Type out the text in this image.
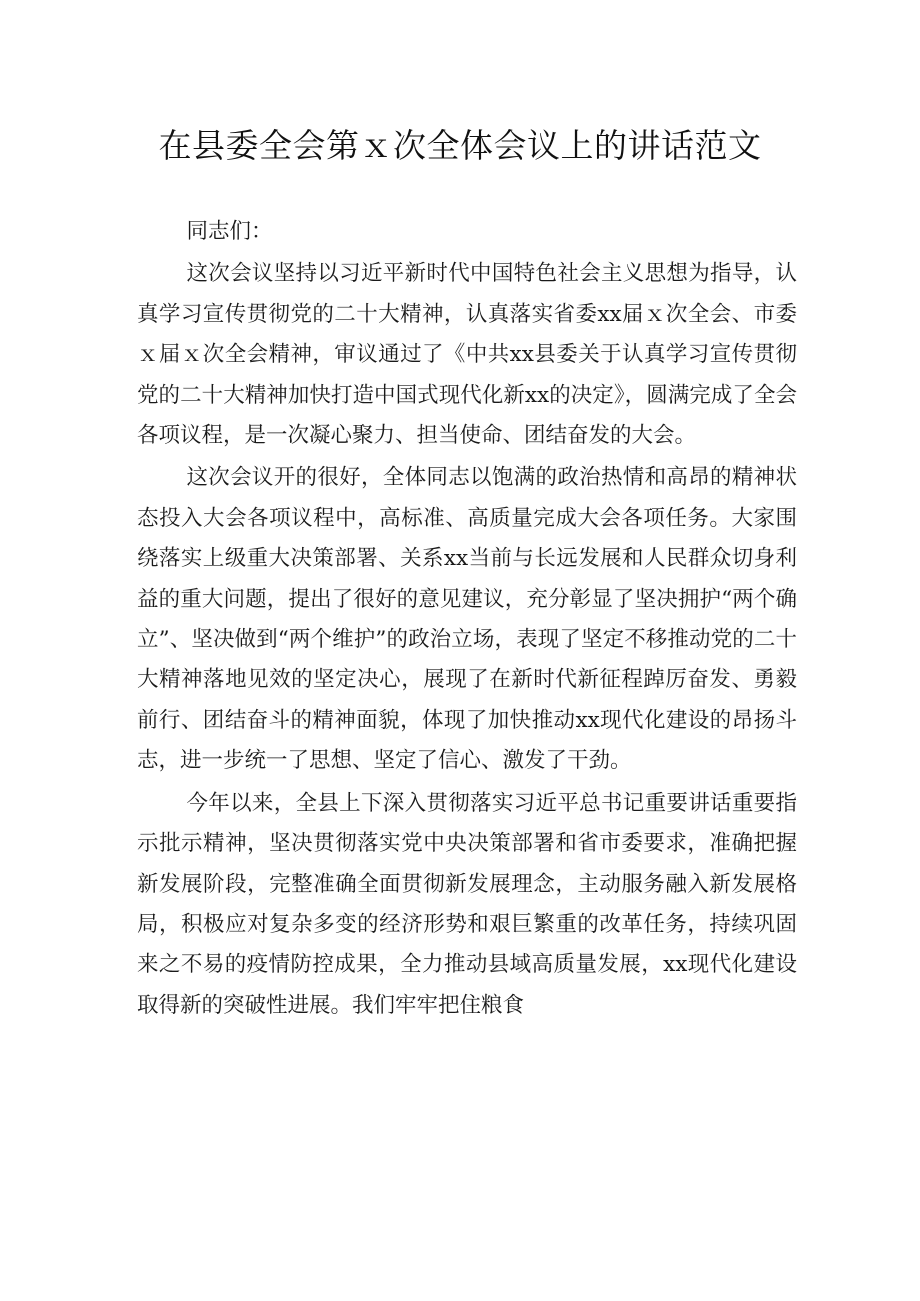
在县委全会第ｘ次全体会议上的讲话范文

同志们：

这次会议坚持以习近平新时代中国特色社会主义思想为指导，认真学习宣传贯彻党的二十大精神，认真落实省委xx届ｘ次全会、市委ｘ届ｘ次全会精神，审议通过了《中共xx县委关于认真学习宣传贯彻党的二十大精神加快打造中国式现代化新xx的决定》，圆满完成了全会各项议程，是一次凝心聚力、担当使命、团结奋发的大会。

这次会议开的很好，全体同志以饱满的政治热情和高昂的精神状态投入大会各项议程中，高标准、高质量完成大会各项任务。大家围绕落实上级重大决策部署、关系xx当前与长远发展和人民群众切身利益的重大问题，提出了很好的意见建议，充分彰显了坚决拥护“两个确立”、坚决做到“两个维护”的政治立场，表现了坚定不移推动党的二十大精神落地见效的坚定决心，展现了在新时代新征程踔厉奋发、勇毅前行、团结奋斗的精神面貌，体现了加快推动xx现代化建设的昂扬斗志，进一步统一了思想、坚定了信心、激发了干劲。

今年以来，全县上下深入贯彻落实习近平总书记重要讲话重要指示批示精神，坚决贯彻落实党中央决策部署和省市委要求，准确把握新发展阶段，完整准确全面贯彻新发展理念，主动服务融入新发展格局，积极应对复杂多变的经济形势和艰巨繁重的改革任务，持续巩固来之不易的疫情防控成果，全力推动县域高质量发展，xx现代化建设取得新的突破性进展。我们牢牢把住粮食
